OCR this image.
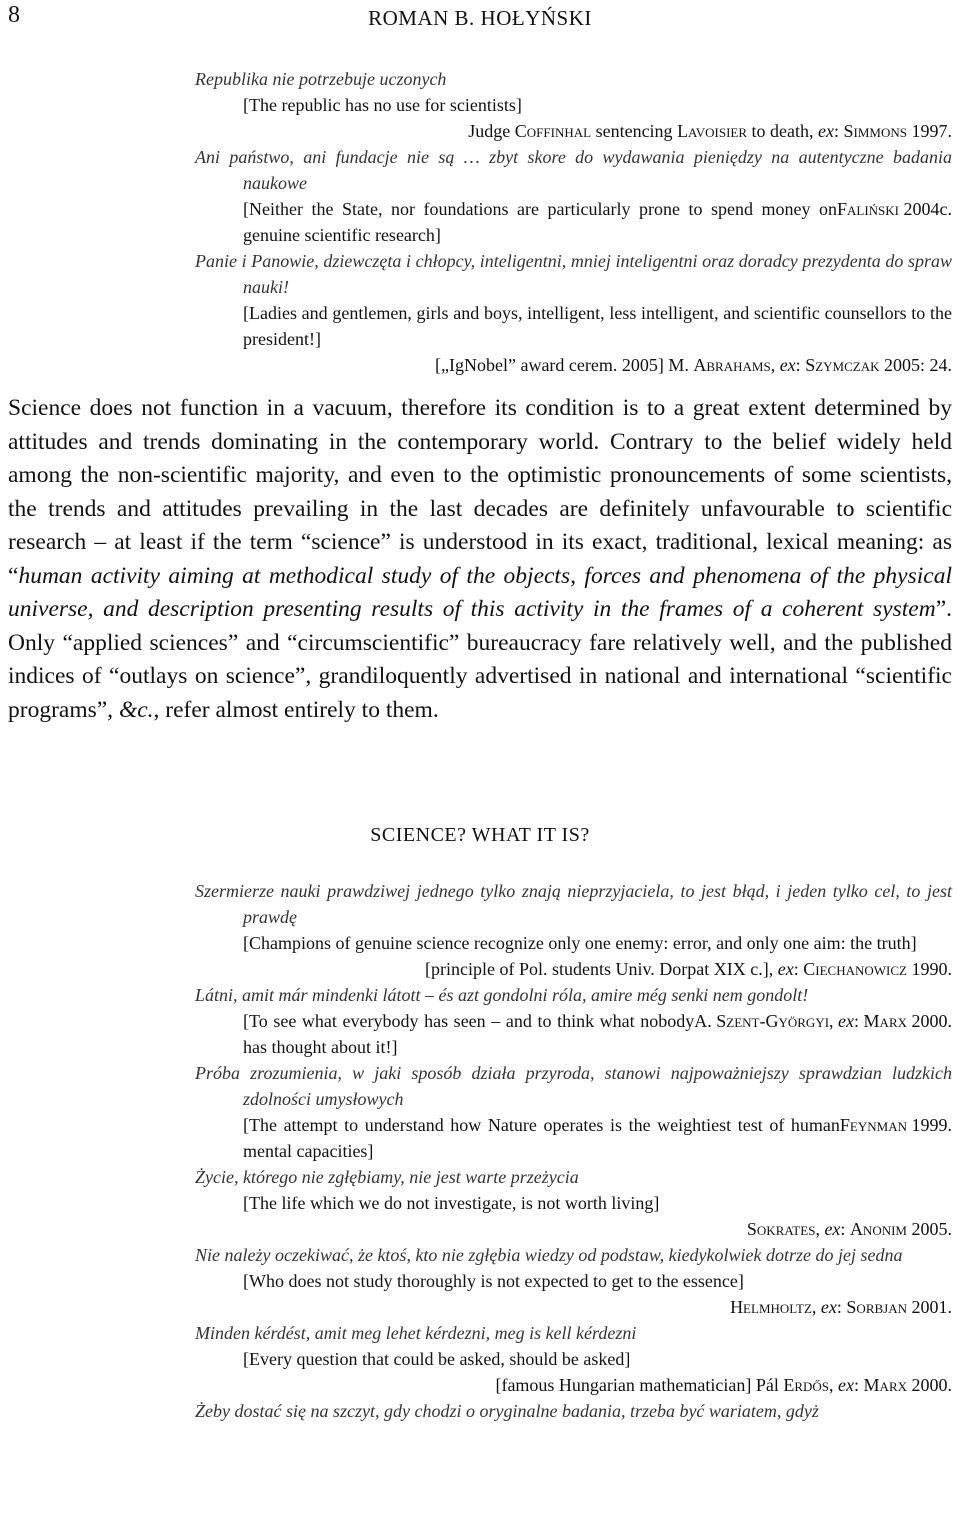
8	ROMAN B. HOŁYŃSKI
Republika nie potrzebuje uczonych
[The republic has no use for scientists]
Judge Coffinhal sentencing Lavoisier to death, ex: Simmons 1997.
Ani państwo, ani fundacje nie są … zbyt skore do wydawania pieniędzy na autentyczne badania naukowe
Faliński 2004c.
[Neither the State, nor foundations are particularly prone to spend money on genuine scientific research]
Panie i Panowie, dziewczęta i chłopcy, inteligentni, mniej inteligentni oraz doradcy prezydenta do spraw nauki!
[Ladies and gentlemen, girls and boys, intelligent, less intelligent, and scientific counsellors to the president!]
[„IgNobel” award cerem. 2005] M. Abrahams, ex: Szymczak 2005: 24.

Science does not function in a vacuum, therefore its condition is to a great extent determined by attitudes and trends dominating in the contemporary world. Contrary to the belief widely held among the non-scientific majority, and even to the optimistic pronouncements of some scientists, the trends and attitudes prevailing in the last decades are definitely unfavourable to scientific research – at least if the term “science” is understood in its exact, traditional, lexical meaning: as “human activity aiming at methodical study of the objects, forces and phenomena of the physical universe, and description presenting results of this activity in the frames of a coherent system”. Only “applied sciences” and “circumscientific” bureaucracy fare relatively well, and the published indices of “outlays on science”, grandiloquently advertised in national and international “scientific programs”, &c., refer almost entirely to them.

SCIENCE? WHAT IT IS?
Szermierze nauki prawdziwej jednego tylko znają nieprzyjaciela, to jest błąd, i jeden tylko cel, to jest prawdę
[Champions of genuine science recognize only one enemy: error, and only one aim: the truth]
[principle of Pol. students Univ. Dorpat XIX c.], ex: Ciechanowicz 1990.
Látni, amit már mindenki látott – és azt gondolni róla, amire még senki nem gondolt!
A. Szent-Györgyi, ex: Marx 2000.
[To see what everybody has seen – and to think what nobody has thought about it!]
Próba zrozumienia, w jaki sposób działa przyroda, stanowi najpoważniejszy sprawdzian ludzkich zdolności umysłowych
Feynman 1999.
[The attempt to understand how Nature operates is the weightiest test of human mental capacities]
Życie, którego nie zgłębiamy, nie jest warte przeżycia
[The life which we do not investigate, is not worth living]
Sokrates, ex: Anonim 2005.
Nie należy oczekiwać, że ktoś, kto nie zgłębia wiedzy od podstaw, kiedykolwiek dotrze do jej sedna
[Who does not study thoroughly is not expected to get to the essence]
Helmholtz, ex: Sorbjan 2001.
Minden kérdést, amit meg lehet kérdezni, meg is kell kérdezni
[Every question that could be asked, should be asked]
[famous Hungarian mathematician] Pál Erdős, ex: Marx 2000.
Żeby dostać się na szczyt, gdy chodzi o oryginalne badania, trzeba być wariatem, gdyż
